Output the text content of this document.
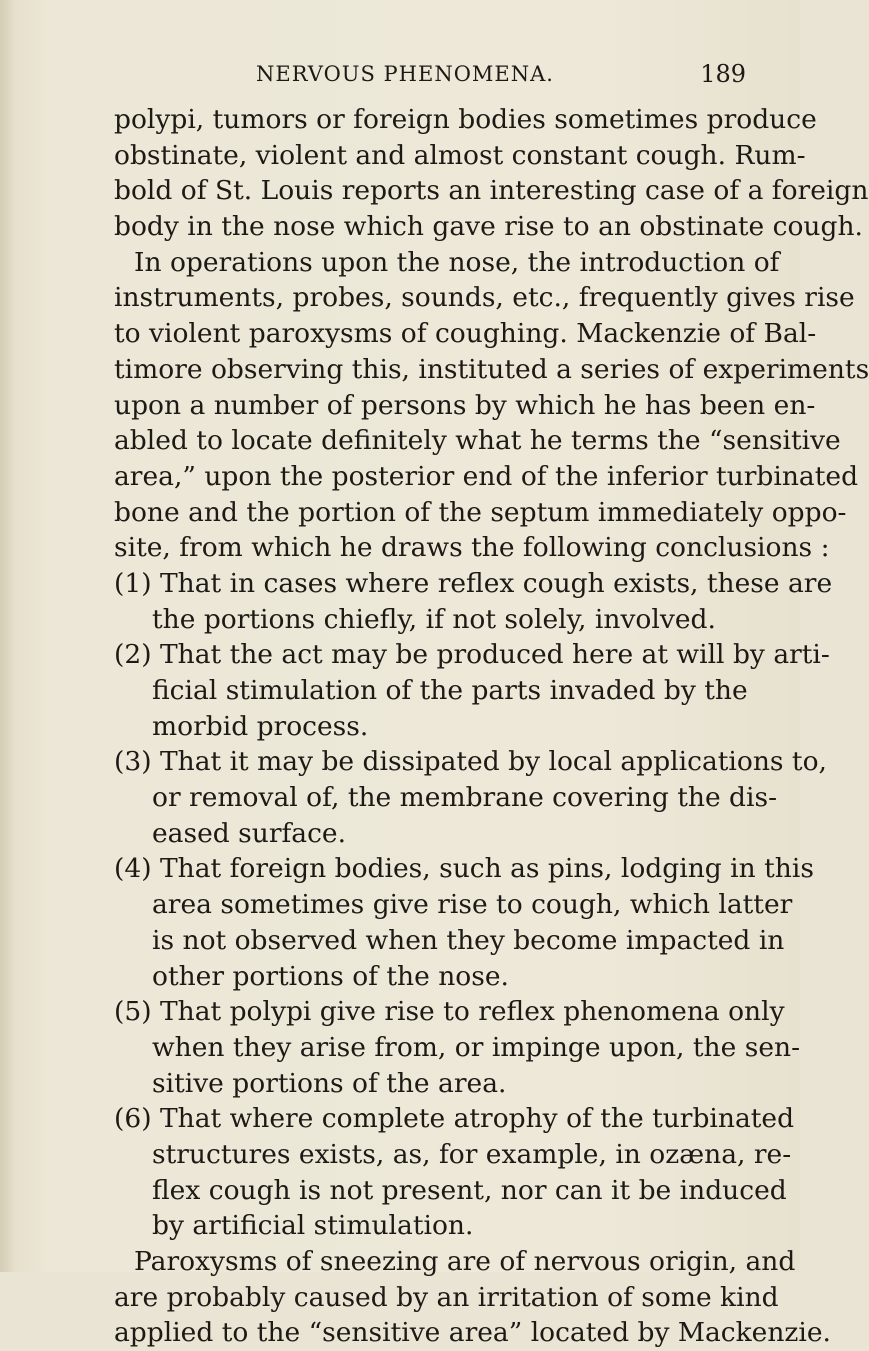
NERVOUS PHENOMENA.	189
polypi, tumors or foreign bodies sometimes produce
obstinate, violent and almost constant cough. Rum-
bold of St. Louis reports an interesting case of a foreign
body in the nose which gave rise to an obstinate cough.
In operations upon the nose, the introduction of
instruments, probes, sounds, etc., frequently gives rise
to violent paroxysms of coughing. Mackenzie of Bal-
timore observing this, instituted a series of experiments
upon a number of persons by which he has been en-
abled to locate definitely what he terms the “sensitive
area,” upon the posterior end of the inferior turbinated
bone and the portion of the septum immediately oppo-
site, from which he draws the following conclusions :
(1) That in cases where reflex cough exists, these are
the portions chiefly, if not solely, involved.
(2) That the act may be produced here at will by arti-
ficial stimulation of the parts invaded by the
morbid process.
(3) That it may be dissipated by local applications to,
or removal of, the membrane covering the dis-
eased surface.
(4) That foreign bodies, such as pins, lodging in this
area sometimes give rise to cough, which latter
is not observed when they become impacted in
other portions of the nose.
(5) That polypi give rise to reflex phenomena only
when they arise from, or impinge upon, the sen-
sitive portions of the area.
(6) That where complete atrophy of the turbinated
structures exists, as, for example, in ozæna, re-
flex cough is not present, nor can it be induced
by artificial stimulation.
Paroxysms of sneezing are of nervous origin, and
are probably caused by an irritation of some kind
applied to the “sensitive area” located by Mackenzie.
